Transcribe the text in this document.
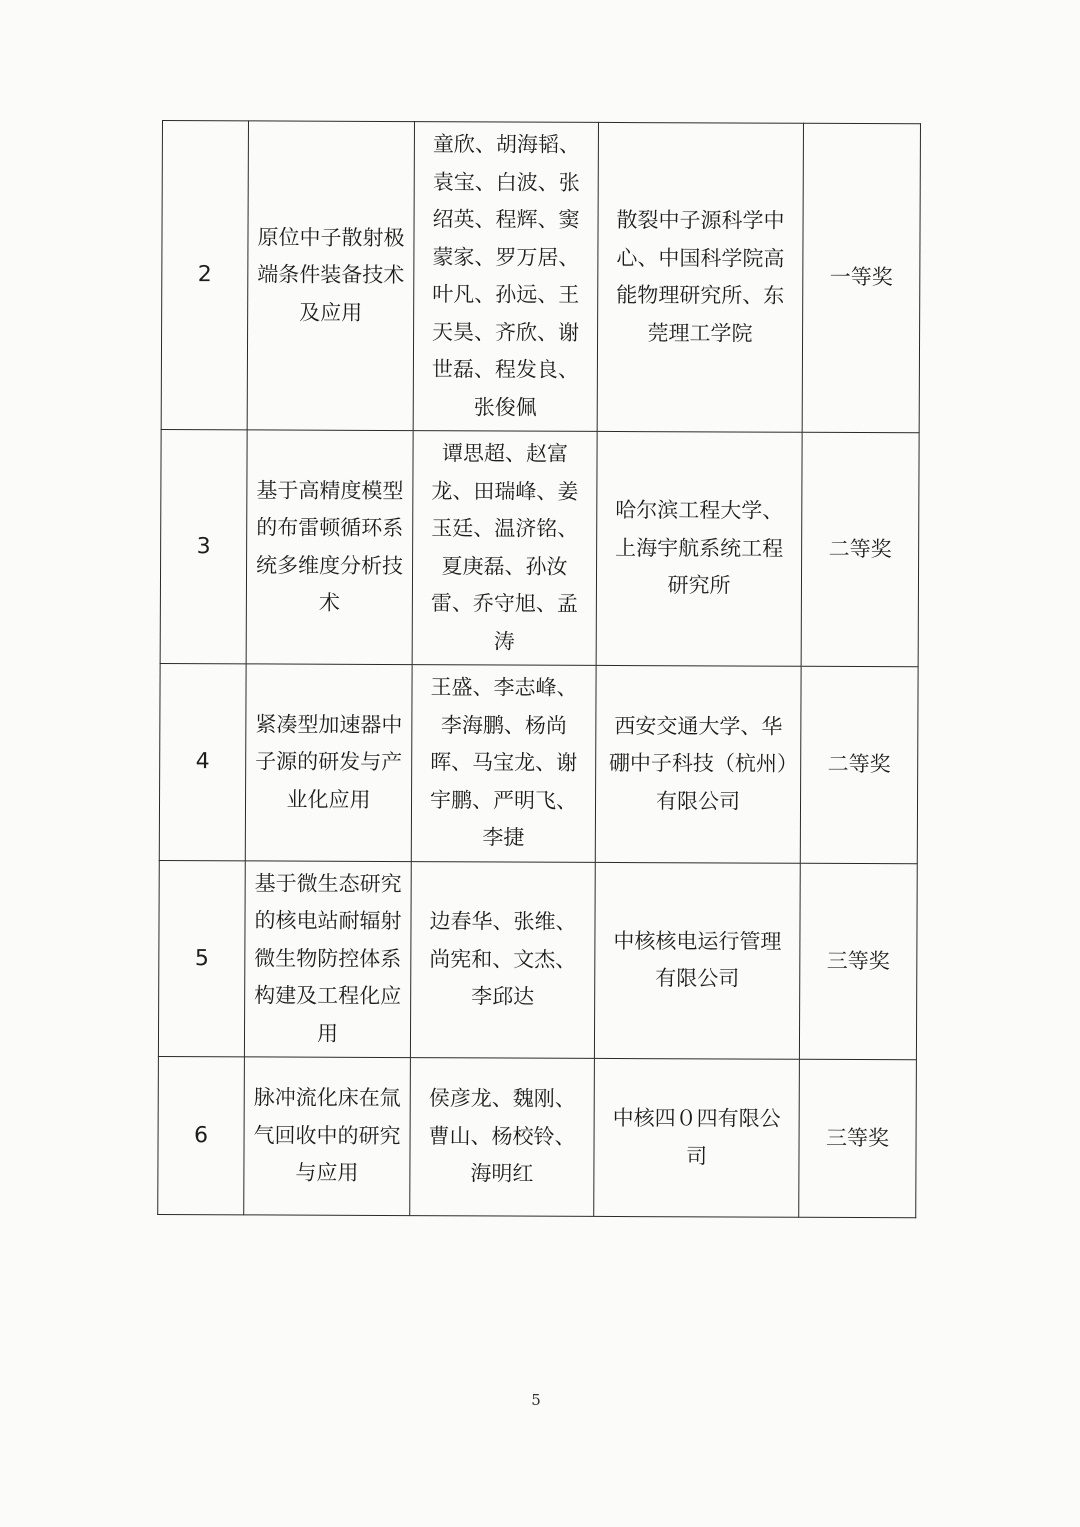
2	原位中子散射极端条件装备技术及应用	童欣、胡海韬、袁宝、白波、张绍英、程辉、窦蒙家、罗万居、叶凡、孙远、王天昊、齐欣、谢世磊、程发良、张俊佩	散裂中子源科学中心、中国科学院高能物理研究所、东莞理工学院	一等奖
3	基于高精度模型的布雷顿循环系统多维度分析技术	谭思超、赵富龙、田瑞峰、姜玉廷、温济铭、夏庚磊、孙汝雷、乔守旭、孟涛	哈尔滨工程大学、上海宇航系统工程研究所	二等奖
4	紧凑型加速器中子源的研发与产业化应用	王盛、李志峰、李海鹏、杨尚晖、马宝龙、谢宇鹏、严明飞、李捷	西安交通大学、华硼中子科技（杭州）有限公司	二等奖
5	基于微生态研究的核电站耐辐射微生物防控体系构建及工程化应用	边春华、张维、尚宪和、文杰、李邱达	中核核电运行管理有限公司	三等奖
6	脉冲流化床在氚气回收中的研究与应用	侯彦龙、魏刚、曹山、杨校铃、海明红	中核四０四有限公司	三等奖
5
